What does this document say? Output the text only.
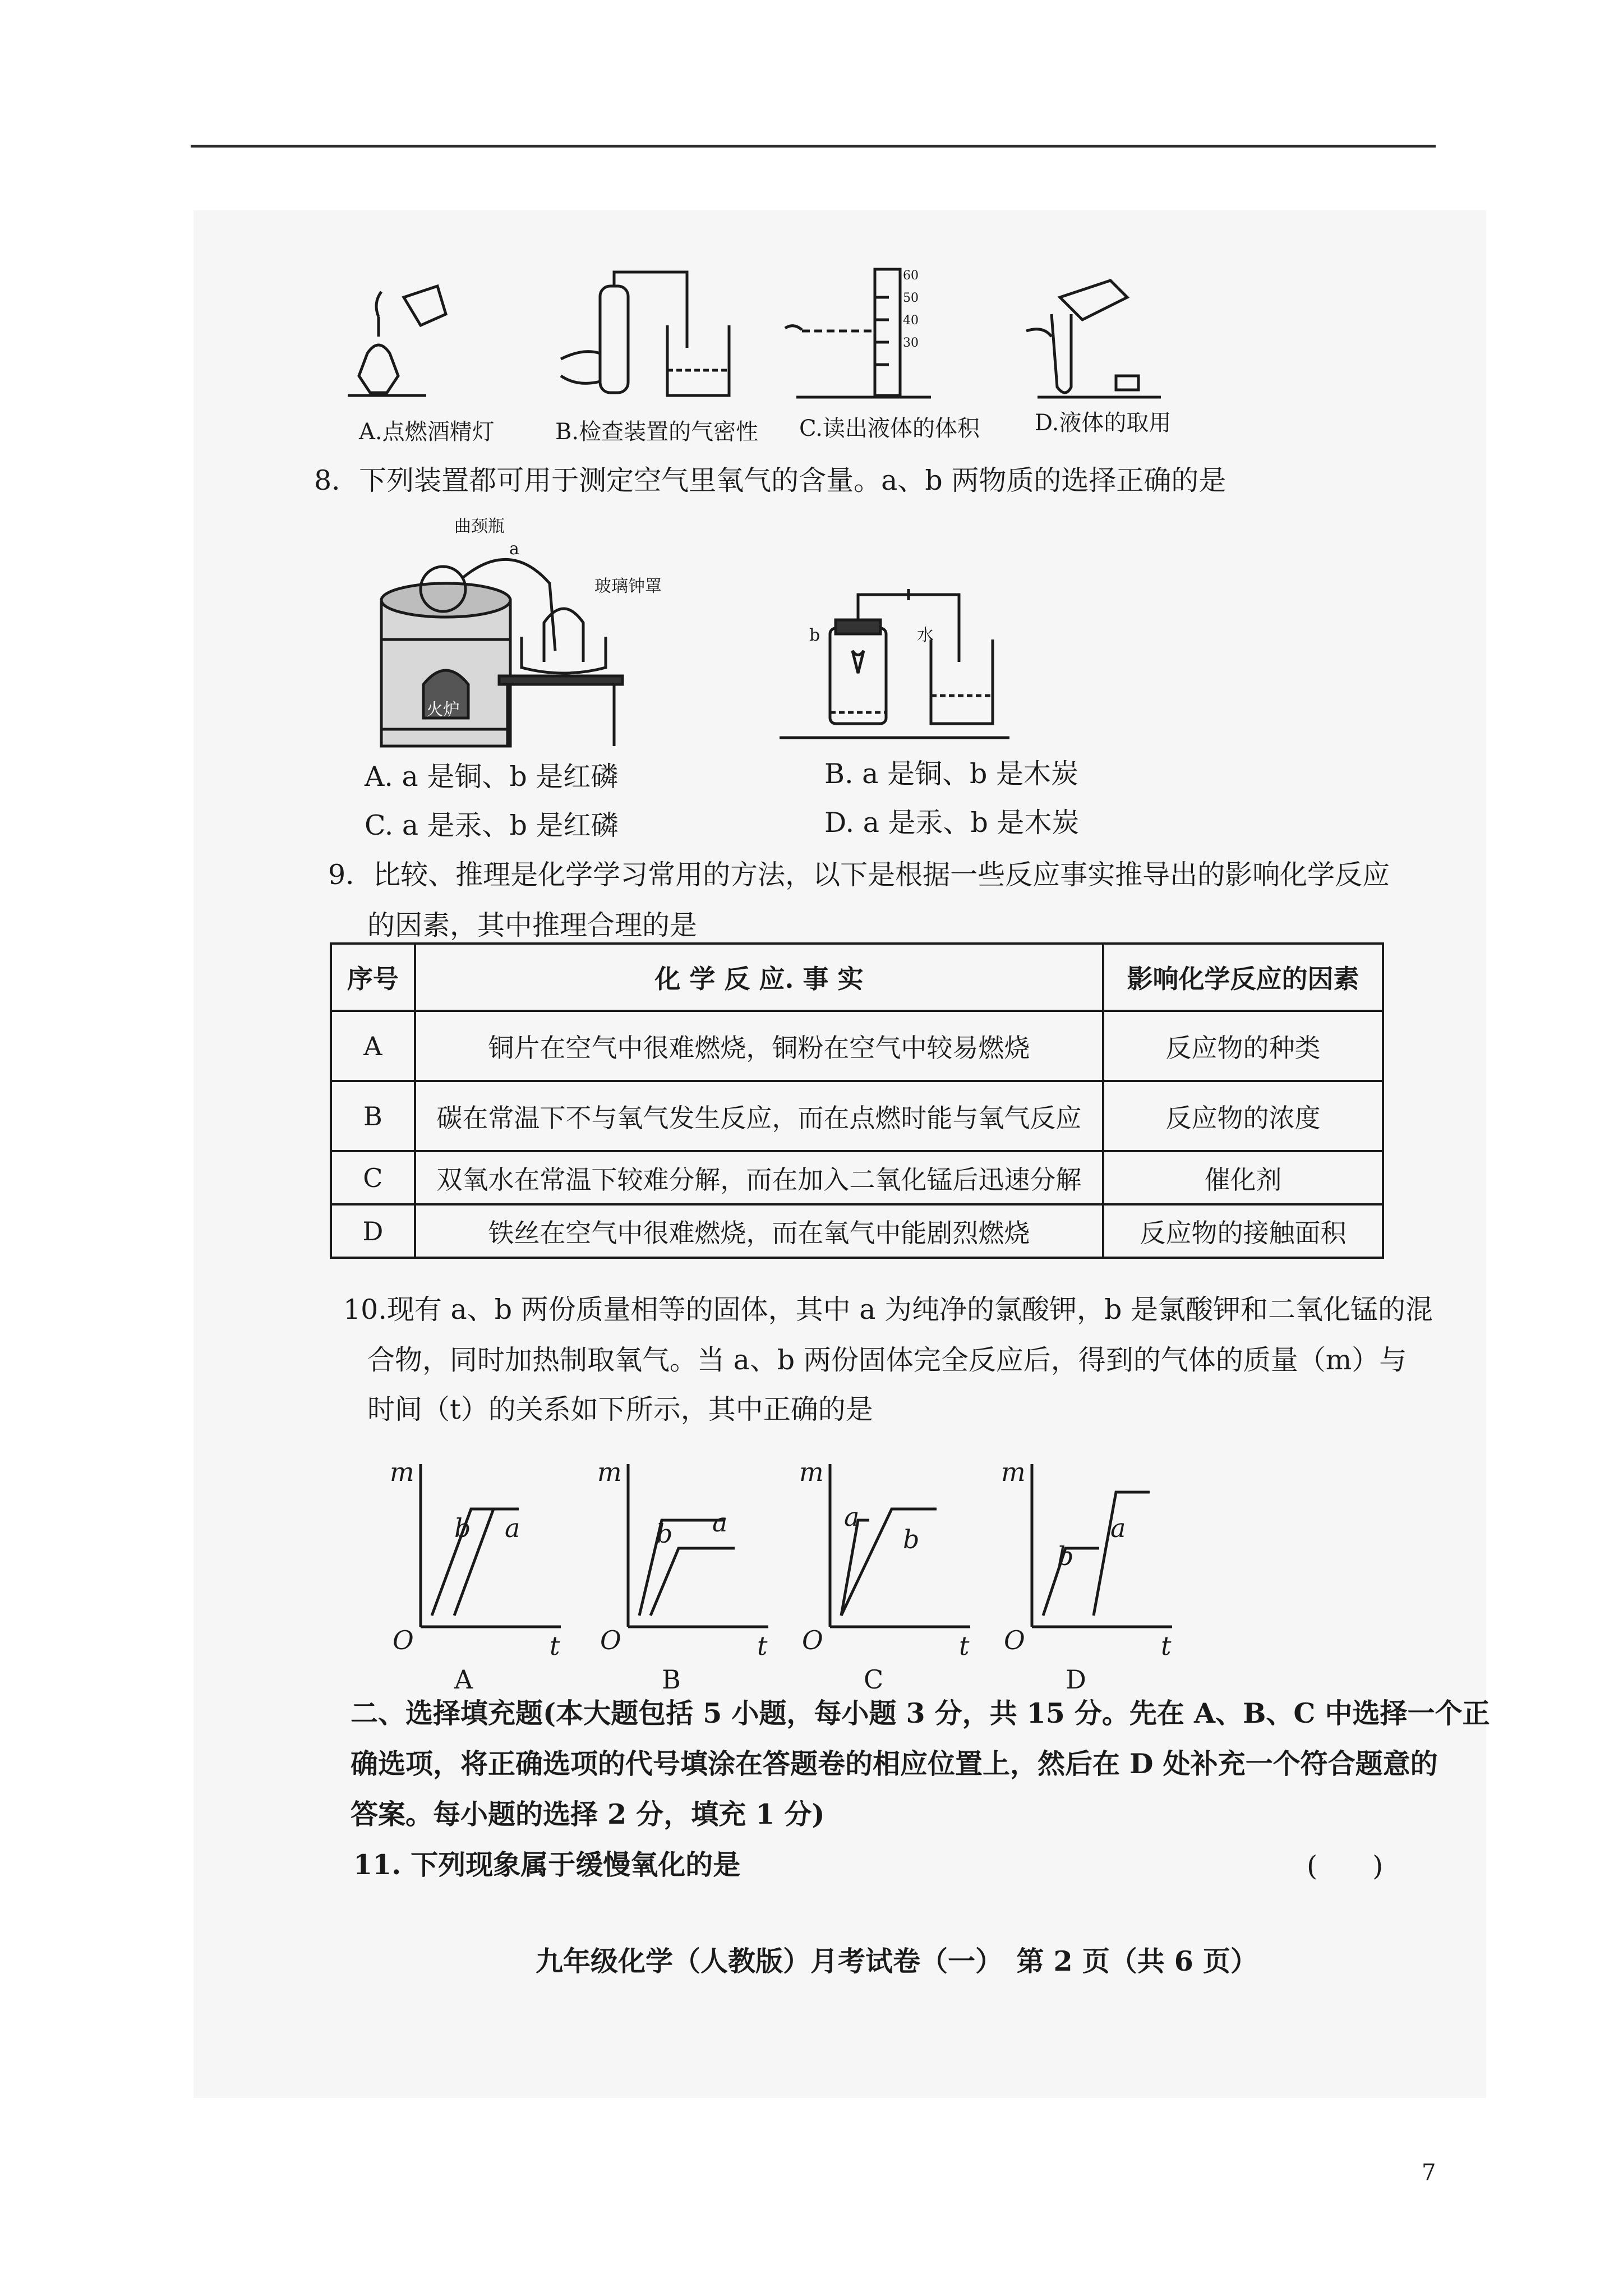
60
50
40
30
A.点燃酒精灯	B.检查装置的气密性 C.读出液体的体积 D.液体的取用
8．下列装置都可用于测定空气里氧气的含量。a、b 两物质的选择正确的是
曲颈瓶
a
玻璃钟罩
火炉
b	水
A. a 是铜、b 是红磷	B. a 是铜、b 是木炭
C. a 是汞、b 是红磷	D. a 是汞、b 是木炭
9．比较、推理是化学学习常用的方法，以下是根据一些反应事实推导出的影响化学反应
的因素，其中推理合理的是
序号	化 学 反 应. 事 实	影响化学反应的因素
A	铜片在空气中很难燃烧，铜粉在空气中较易燃烧	反应物的种类
B	碳在常温下不与氧气发生反应，而在点燃时能与氧气反应	反应物的浓度
C	双氧水在常温下较难分解，而在加入二氧化锰后迅速分解	催化剂
D	铁丝在空气中很难燃烧，而在氧气中能剧烈燃烧	反应物的接触面积
10.现有 a、b 两份质量相等的固体，其中 a 为纯净的氯酸钾，b 是氯酸钾和二氧化锰的混
合物，同时加热制取氧气。当 a、b 两份固体完全反应后，得到的气体的质量（m）与
时间（t）的关系如下所示，其中正确的是
m
t
O
a
b
m
t
O
a
b
m
t
O
a
b
m
t
O
a
b
A	B	C	D
二、选择填充题(本大题包括 5 小题，每小题 3 分，共 15 分。先在 A、B、C 中选择一个正
确选项，将正确选项的代号填涂在答题卷的相应位置上，然后在 D 处补充一个符合题意的
答案。每小题的选择 2 分，填充 1 分)
11. 下列现象属于缓慢氧化的是	(　　)
九年级化学（人教版）月考试卷（一）　第 2 页（共 6 页）
7
